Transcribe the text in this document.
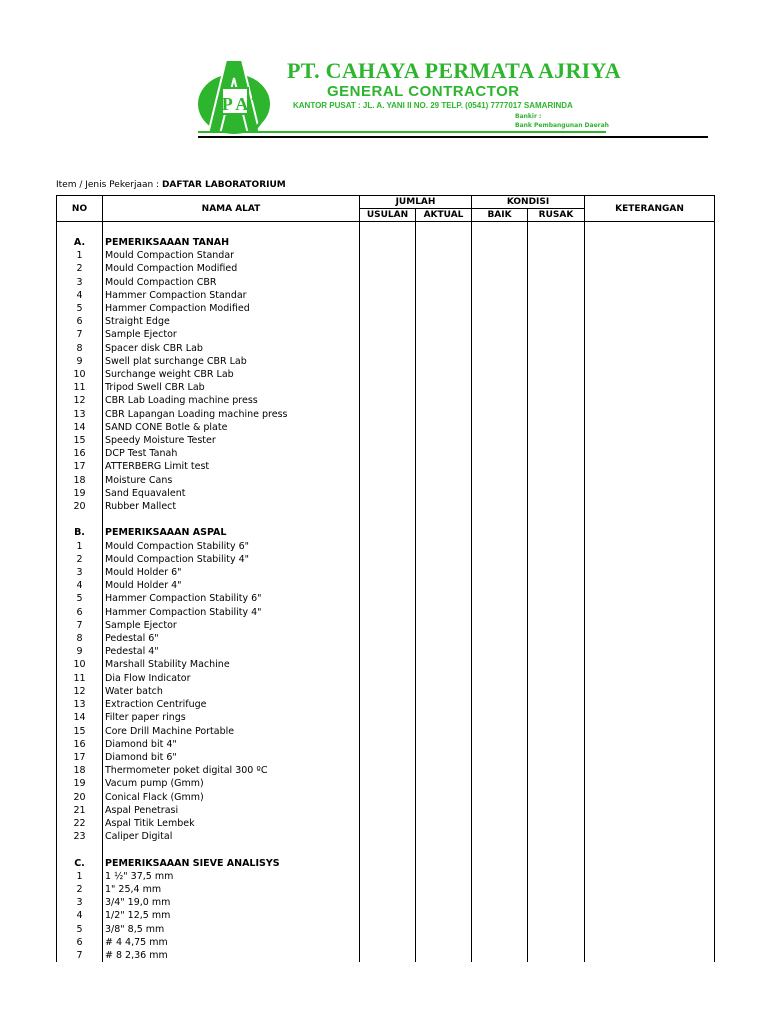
P A
PT. CAHAYA PERMATA AJRIYA
GENERAL CONTRACTOR
KANTOR PUSAT : JL. A. YANI II NO. 29 TELP. (0541) 7777017 SAMARINDA
Bankir :
Bank Pembangunan Daerah
Item / Jenis Pekerjaan : DAFTAR LABORATORIUM
NO	NAMA ALAT	JUMLAH		KONDISI		KETERANGAN
		USULAN	AKTUAL	BAIK	RUSAK	

A.	PEMERIKSAAAN TANAH					
1	Mould Compaction Standar					
2	Mould Compaction Modified					
3	Mould Compaction CBR					
4	Hammer Compaction Standar					
5	Hammer Compaction Modified					
6	Straight Edge					
7	Sample Ejector					
8	Spacer disk CBR Lab					
9	Swell plat surchange CBR Lab					
10	Surchange weight CBR Lab					
11	Tripod Swell CBR Lab					
12	CBR Lab Loading machine press					
13	CBR Lapangan Loading machine press					
14	SAND CONE Botle & plate					
15	Speedy Moisture Tester					
16	DCP Test Tanah					
17	ATTERBERG Limit test					
18	Moisture Cans					
19	Sand Equavalent					
20	Rubber Mallect					

B.	PEMERIKSAAAN ASPAL					
1	Mould Compaction Stability 6"					
2	Mould Compaction Stability 4"					
3	Mould Holder 6"					
4	Mould Holder 4"					
5	Hammer Compaction Stability 6"					
6	Hammer Compaction Stability 4"					
7	Sample Ejector					
8	Pedestal 6"					
9	Pedestal 4"					
10	Marshall Stability Machine					
11	Dia Flow Indicator					
12	Water batch					
13	Extraction Centrifuge					
14	Filter paper rings					
15	Core Drill Machine Portable					
16	Diamond bit 4"					
17	Diamond bit 6"					
18	Thermometer poket digital 300 ºC					
19	Vacum pump (Gmm)					
20	Conical Flack (Gmm)					
21	Aspal Penetrasi					
22	Aspal Titik Lembek					
23	Caliper Digital					

C.	PEMERIKSAAAN SIEVE ANALISYS					
1	1 ½" 37,5 mm					
2	1" 25,4 mm					
3	3/4" 19,0 mm					
4	1/2" 12,5 mm					
5	3/8" 8,5 mm					
6	# 4 4,75 mm					
7	# 8 2,36 mm					
